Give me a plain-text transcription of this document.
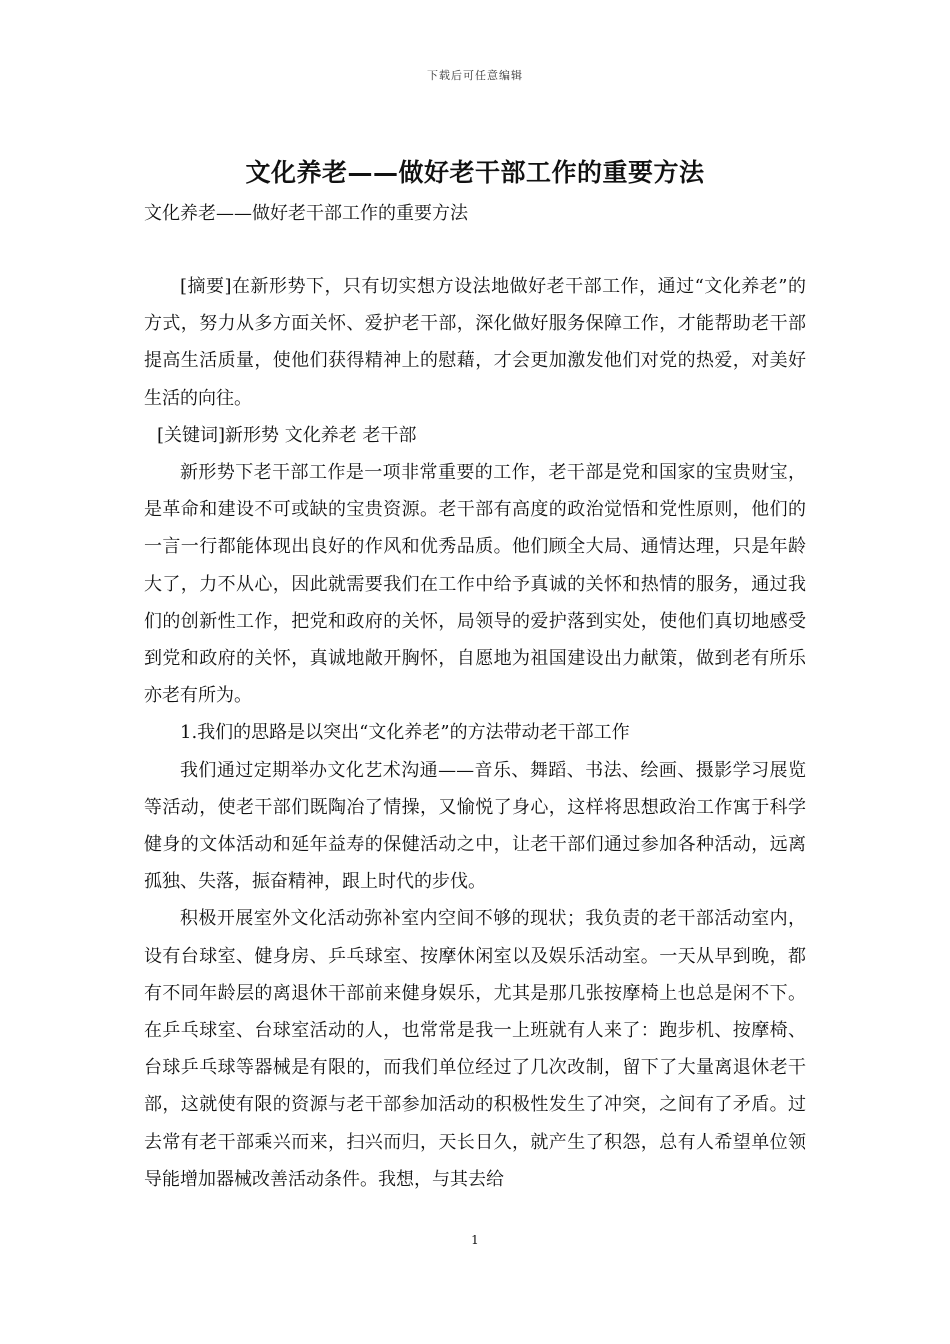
下载后可任意编辑
文化养老——做好老干部工作的重要方法
文化养老——做好老干部工作的重要方法

[摘要]在新形势下，只有切实想方设法地做好老干部工作，通过“文化养老”的方式，努力从多方面关怀、爱护老干部，深化做好服务保障工作，才能帮助老干部提高生活质量，使他们获得精神上的慰藉，才会更加激发他们对党的热爱，对美好生活的向往。

[关键词]新形势 文化养老 老干部

新形势下老干部工作是一项非常重要的工作，老干部是党和国家的宝贵财宝，是革命和建设不可或缺的宝贵资源。老干部有高度的政治觉悟和党性原则，他们的一言一行都能体现出良好的作风和优秀品质。他们顾全大局、通情达理，只是年龄大了，力不从心，因此就需要我们在工作中给予真诚的关怀和热情的服务，通过我们的创新性工作，把党和政府的关怀，局领导的爱护落到实处，使他们真切地感受到党和政府的关怀，真诚地敞开胸怀，自愿地为祖国建设出力献策，做到老有所乐亦老有所为。

1.我们的思路是以突出“文化养老”的方法带动老干部工作

我们通过定期举办文化艺术沟通——音乐、舞蹈、书法、绘画、摄影学习展览等活动，使老干部们既陶冶了情操，又愉悦了身心，这样将思想政治工作寓于科学健身的文体活动和延年益寿的保健活动之中，让老干部们通过参加各种活动，远离孤独、失落，振奋精神，跟上时代的步伐。

积极开展室外文化活动弥补室内空间不够的现状；我负责的老干部活动室内，设有台球室、健身房、乒乓球室、按摩休闲室以及娱乐活动室。一天从早到晚，都有不同年龄层的离退休干部前来健身娱乐，尤其是那几张按摩椅上也总是闲不下。在乒乓球室、台球室活动的人，也常常是我一上班就有人来了：跑步机、按摩椅、台球乒乓球等器械是有限的，而我们单位经过了几次改制，留下了大量离退休老干部，这就使有限的资源与老干部参加活动的积极性发生了冲突，之间有了矛盾。过去常有老干部乘兴而来，扫兴而归，天长日久，就产生了积怨，总有人希望单位领导能增加器械改善活动条件。我想，与其去给

1
